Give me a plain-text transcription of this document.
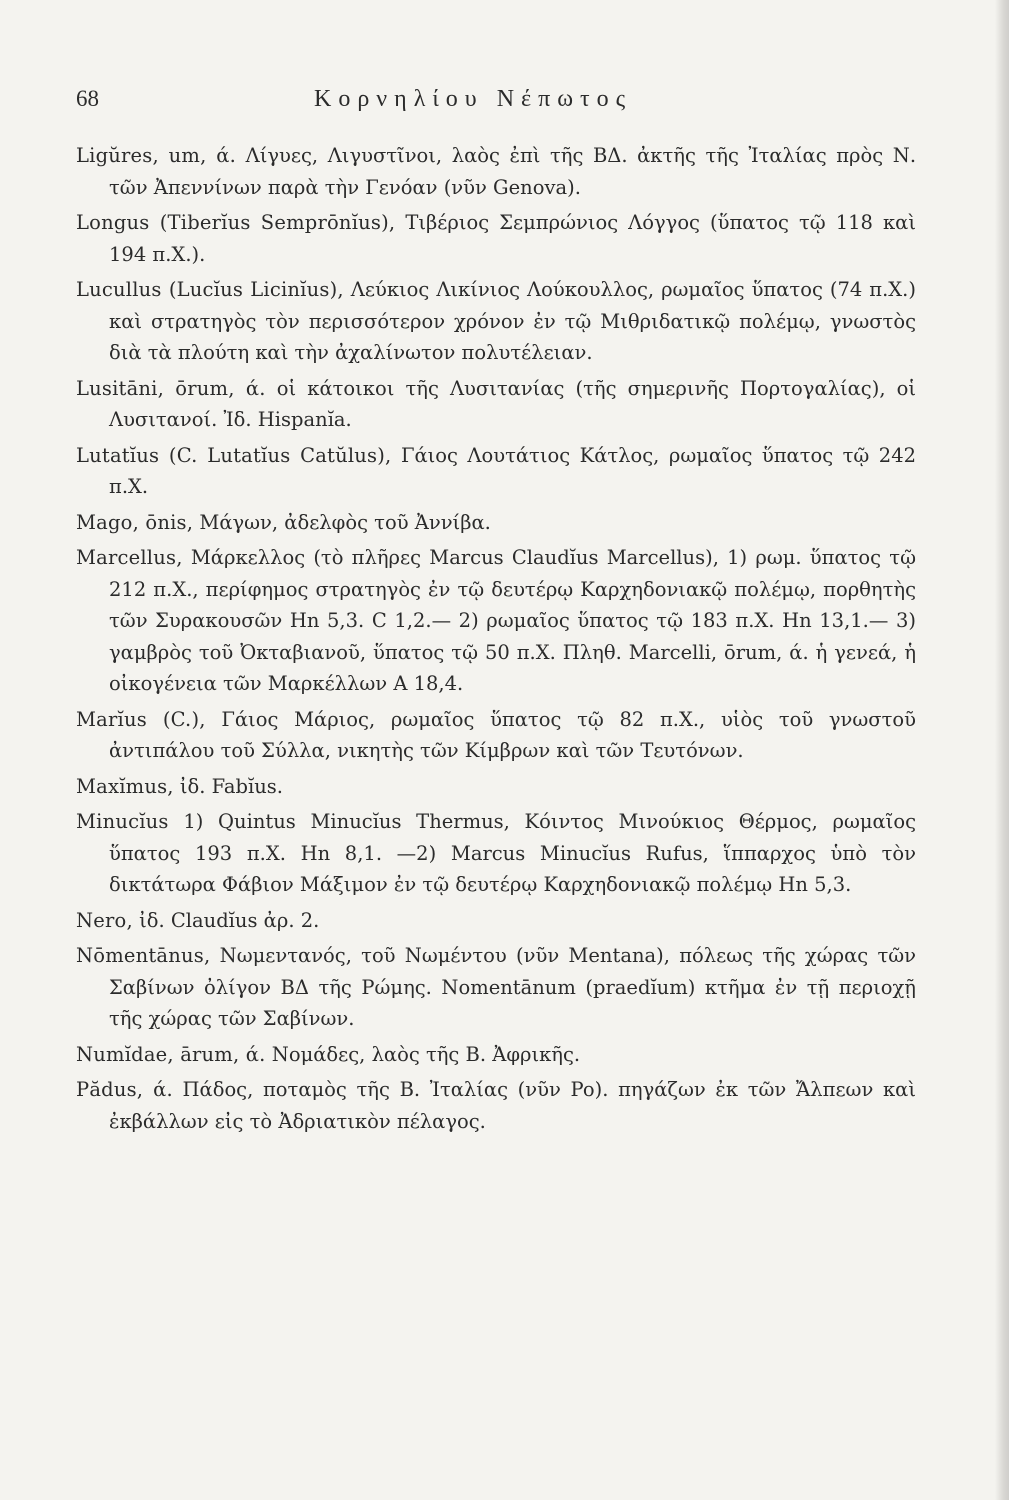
68	Κορνηλίου Νέπωτος

Ligŭres, um, ά. Λίγυες, Λιγυστῖνοι, λαὸς ἐπὶ τῆς ΒΔ. ἀκτῆς τῆς Ἰταλίας πρὸς Ν. τῶν Ἀπεννίνων παρὰ τὴν Γενόαν (νῦν Genova).

Longus (Tiberĭus Semprōnĭus), Τιβέριος Σεμπρώνιος Λόγγος (ὕπατος τῷ 118 καὶ 194 π.Χ.).

Lucullus (Lucĭus Licinĭus), Λεύκιος Λικίνιος Λούκουλλος, ρωμαῖος ὕπατος (74 π.Χ.) καὶ στρατηγὸς τὸν περισσότερον χρόνον ἐν τῷ Μιθριδατικῷ πολέμῳ, γνωστὸς διὰ τὰ πλούτη καὶ τὴν ἀχαλίνωτον πολυτέλειαν.

Lusitāni, ōrum, ά. οἱ κάτοικοι τῆς Λυσιτανίας (τῆς σημερινῆς Πορτογαλίας), οἱ Λυσιτανοί. Ἰδ. Hispanĭa.

Lutatĭus (C. Lutatĭus Catŭlus), Γάιος Λουτάτιος Κάτλος, ρωμαῖος ὕπατος τῷ 242 π.Χ.

Mago, ōnis, Μάγων, ἀδελφὸς τοῦ Ἀννίβα.

Marcellus, Μάρκελλος (τὸ πλῆρες Marcus Claudĭus Marcellus), 1) ρωμ. ὕπατος τῷ 212 π.Χ., περίφημος στρατηγὸς ἐν τῷ δευτέρῳ Καρχηδονιακῷ πολέμῳ, πορθητὴς τῶν Συρακουσῶν Hn 5,3. C 1,2.— 2) ρωμαῖος ὕπατος τῷ 183 π.Χ. Hn 13,1.— 3) γαμβρὸς τοῦ Ὀκταβιανοῦ, ὕπατος τῷ 50 π.Χ. Πληθ. Marcelli, ōrum, ά. ἡ γενεά, ἡ οἰκογένεια τῶν Μαρκέλλων A 18,4.

Marĭus (C.), Γάιος Μάριος, ρωμαῖος ὕπατος τῷ 82 π.Χ., υἱὸς τοῦ γνωστοῦ ἀντιπάλου τοῦ Σύλλα, νικητὴς τῶν Κίμβρων καὶ τῶν Τευτόνων.

Maxĭmus, ἰδ. Fabĭus.

Minucĭus 1) Quintus Minucĭus Thermus, Κόιντος Μινούκιος Θέρμος, ρωμαῖος ὕπατος 193 π.Χ. Hn 8,1. —2) Marcus Minucĭus Rufus, ἵππαρχος ὑπὸ τὸν δικτάτωρα Φάβιον Μάξιμον ἐν τῷ δευτέρῳ Καρχηδονιακῷ πολέμῳ Hn 5,3.

Nero, ἰδ. Claudĭus ἀρ. 2.

Nōmentānus, Νωμεντανός, τοῦ Νωμέντου (νῦν Mentana), πόλεως τῆς χώρας τῶν Σαβίνων ὀλίγον ΒΔ τῆς Ρώμης. Nomentānum (praedĭum) κτῆμα ἐν τῇ περιοχῇ τῆς χώρας τῶν Σαβίνων.

Numĭdae, ārum, ά. Νομάδες, λαὸς τῆς Β. Ἀφρικῆς.

Pădus, ά. Πάδος, ποταμὸς τῆς Β. Ἰταλίας (νῦν Po). πηγάζων ἐκ τῶν Ἄλπεων καὶ ἐκβάλλων εἰς τὸ Ἀδριατικὸν πέλαγος.
